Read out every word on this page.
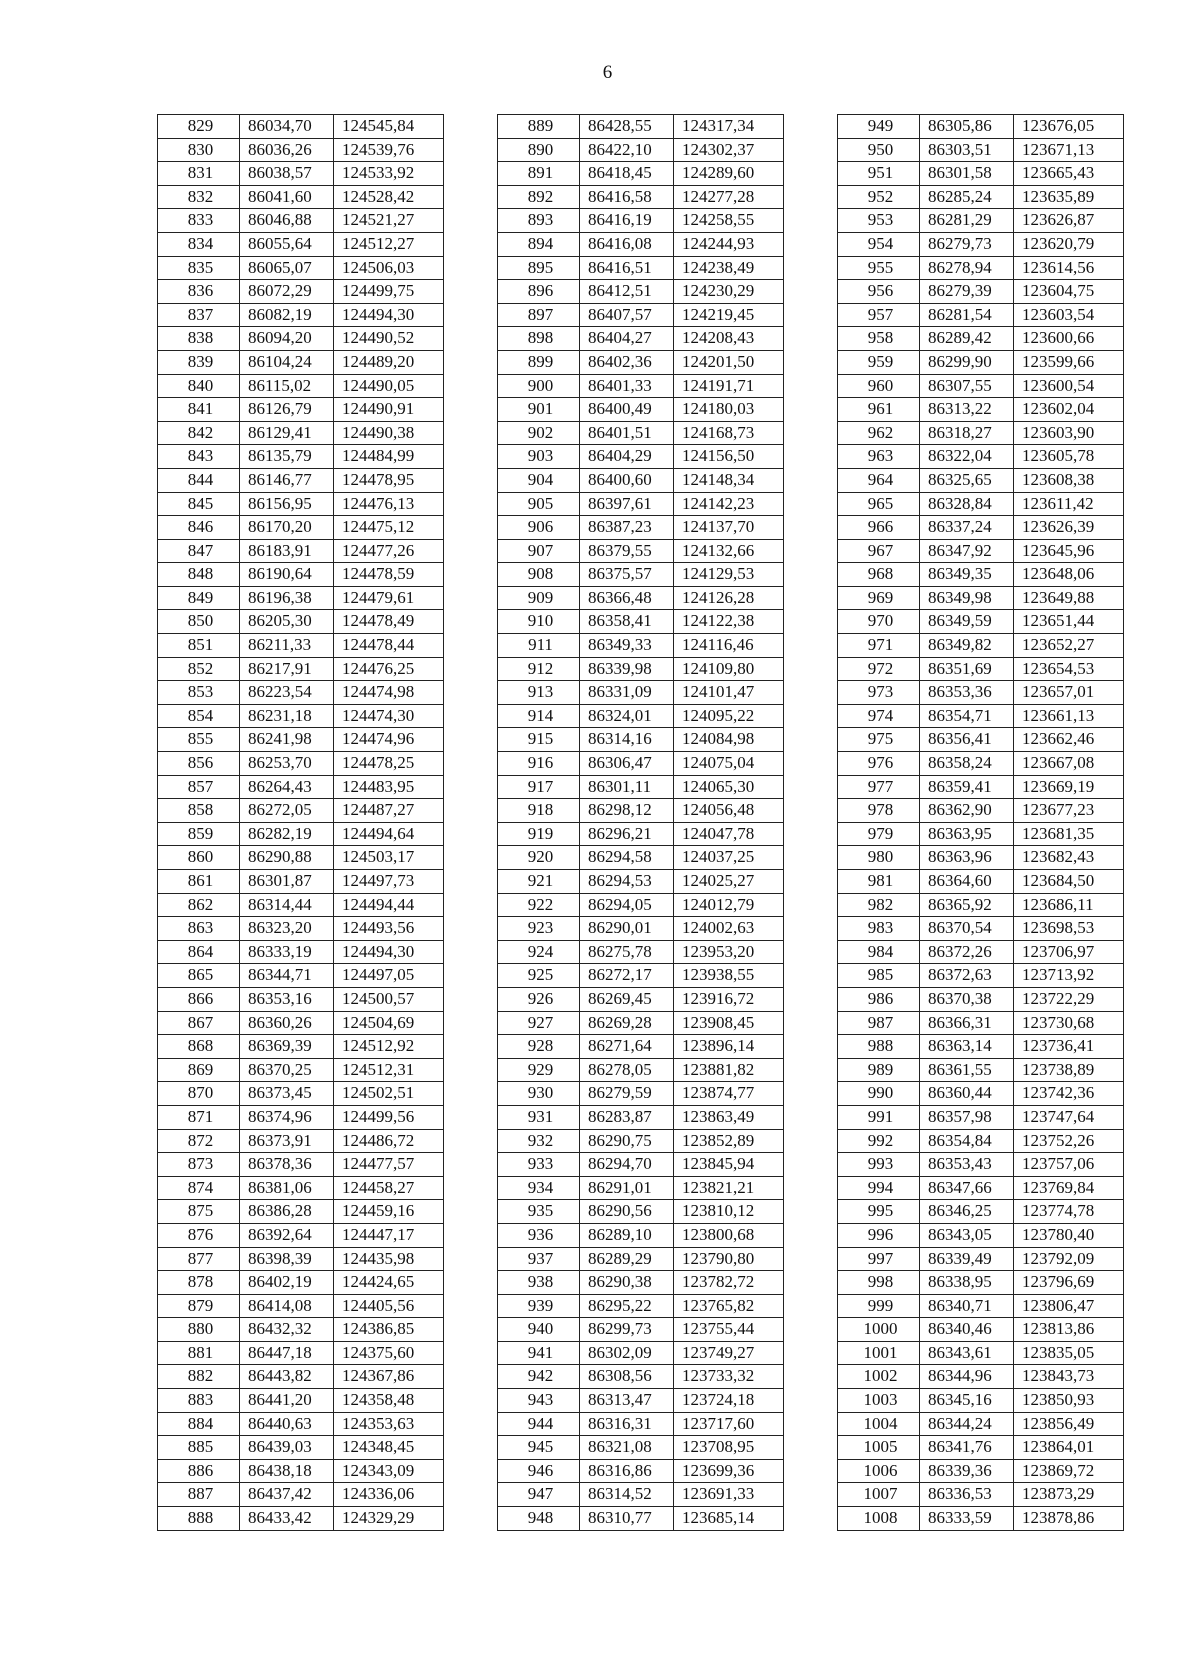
6
829	86034,70	124545,84
830	86036,26	124539,76
831	86038,57	124533,92
832	86041,60	124528,42
833	86046,88	124521,27
834	86055,64	124512,27
835	86065,07	124506,03
836	86072,29	124499,75
837	86082,19	124494,30
838	86094,20	124490,52
839	86104,24	124489,20
840	86115,02	124490,05
841	86126,79	124490,91
842	86129,41	124490,38
843	86135,79	124484,99
844	86146,77	124478,95
845	86156,95	124476,13
846	86170,20	124475,12
847	86183,91	124477,26
848	86190,64	124478,59
849	86196,38	124479,61
850	86205,30	124478,49
851	86211,33	124478,44
852	86217,91	124476,25
853	86223,54	124474,98
854	86231,18	124474,30
855	86241,98	124474,96
856	86253,70	124478,25
857	86264,43	124483,95
858	86272,05	124487,27
859	86282,19	124494,64
860	86290,88	124503,17
861	86301,87	124497,73
862	86314,44	124494,44
863	86323,20	124493,56
864	86333,19	124494,30
865	86344,71	124497,05
866	86353,16	124500,57
867	86360,26	124504,69
868	86369,39	124512,92
869	86370,25	124512,31
870	86373,45	124502,51
871	86374,96	124499,56
872	86373,91	124486,72
873	86378,36	124477,57
874	86381,06	124458,27
875	86386,28	124459,16
876	86392,64	124447,17
877	86398,39	124435,98
878	86402,19	124424,65
879	86414,08	124405,56
880	86432,32	124386,85
881	86447,18	124375,60
882	86443,82	124367,86
883	86441,20	124358,48
884	86440,63	124353,63
885	86439,03	124348,45
886	86438,18	124343,09
887	86437,42	124336,06
888	86433,42	124329,29
889	86428,55	124317,34
890	86422,10	124302,37
891	86418,45	124289,60
892	86416,58	124277,28
893	86416,19	124258,55
894	86416,08	124244,93
895	86416,51	124238,49
896	86412,51	124230,29
897	86407,57	124219,45
898	86404,27	124208,43
899	86402,36	124201,50
900	86401,33	124191,71
901	86400,49	124180,03
902	86401,51	124168,73
903	86404,29	124156,50
904	86400,60	124148,34
905	86397,61	124142,23
906	86387,23	124137,70
907	86379,55	124132,66
908	86375,57	124129,53
909	86366,48	124126,28
910	86358,41	124122,38
911	86349,33	124116,46
912	86339,98	124109,80
913	86331,09	124101,47
914	86324,01	124095,22
915	86314,16	124084,98
916	86306,47	124075,04
917	86301,11	124065,30
918	86298,12	124056,48
919	86296,21	124047,78
920	86294,58	124037,25
921	86294,53	124025,27
922	86294,05	124012,79
923	86290,01	124002,63
924	86275,78	123953,20
925	86272,17	123938,55
926	86269,45	123916,72
927	86269,28	123908,45
928	86271,64	123896,14
929	86278,05	123881,82
930	86279,59	123874,77
931	86283,87	123863,49
932	86290,75	123852,89
933	86294,70	123845,94
934	86291,01	123821,21
935	86290,56	123810,12
936	86289,10	123800,68
937	86289,29	123790,80
938	86290,38	123782,72
939	86295,22	123765,82
940	86299,73	123755,44
941	86302,09	123749,27
942	86308,56	123733,32
943	86313,47	123724,18
944	86316,31	123717,60
945	86321,08	123708,95
946	86316,86	123699,36
947	86314,52	123691,33
948	86310,77	123685,14
949	86305,86	123676,05
950	86303,51	123671,13
951	86301,58	123665,43
952	86285,24	123635,89
953	86281,29	123626,87
954	86279,73	123620,79
955	86278,94	123614,56
956	86279,39	123604,75
957	86281,54	123603,54
958	86289,42	123600,66
959	86299,90	123599,66
960	86307,55	123600,54
961	86313,22	123602,04
962	86318,27	123603,90
963	86322,04	123605,78
964	86325,65	123608,38
965	86328,84	123611,42
966	86337,24	123626,39
967	86347,92	123645,96
968	86349,35	123648,06
969	86349,98	123649,88
970	86349,59	123651,44
971	86349,82	123652,27
972	86351,69	123654,53
973	86353,36	123657,01
974	86354,71	123661,13
975	86356,41	123662,46
976	86358,24	123667,08
977	86359,41	123669,19
978	86362,90	123677,23
979	86363,95	123681,35
980	86363,96	123682,43
981	86364,60	123684,50
982	86365,92	123686,11
983	86370,54	123698,53
984	86372,26	123706,97
985	86372,63	123713,92
986	86370,38	123722,29
987	86366,31	123730,68
988	86363,14	123736,41
989	86361,55	123738,89
990	86360,44	123742,36
991	86357,98	123747,64
992	86354,84	123752,26
993	86353,43	123757,06
994	86347,66	123769,84
995	86346,25	123774,78
996	86343,05	123780,40
997	86339,49	123792,09
998	86338,95	123796,69
999	86340,71	123806,47
1000	86340,46	123813,86
1001	86343,61	123835,05
1002	86344,96	123843,73
1003	86345,16	123850,93
1004	86344,24	123856,49
1005	86341,76	123864,01
1006	86339,36	123869,72
1007	86336,53	123873,29
1008	86333,59	123878,86
